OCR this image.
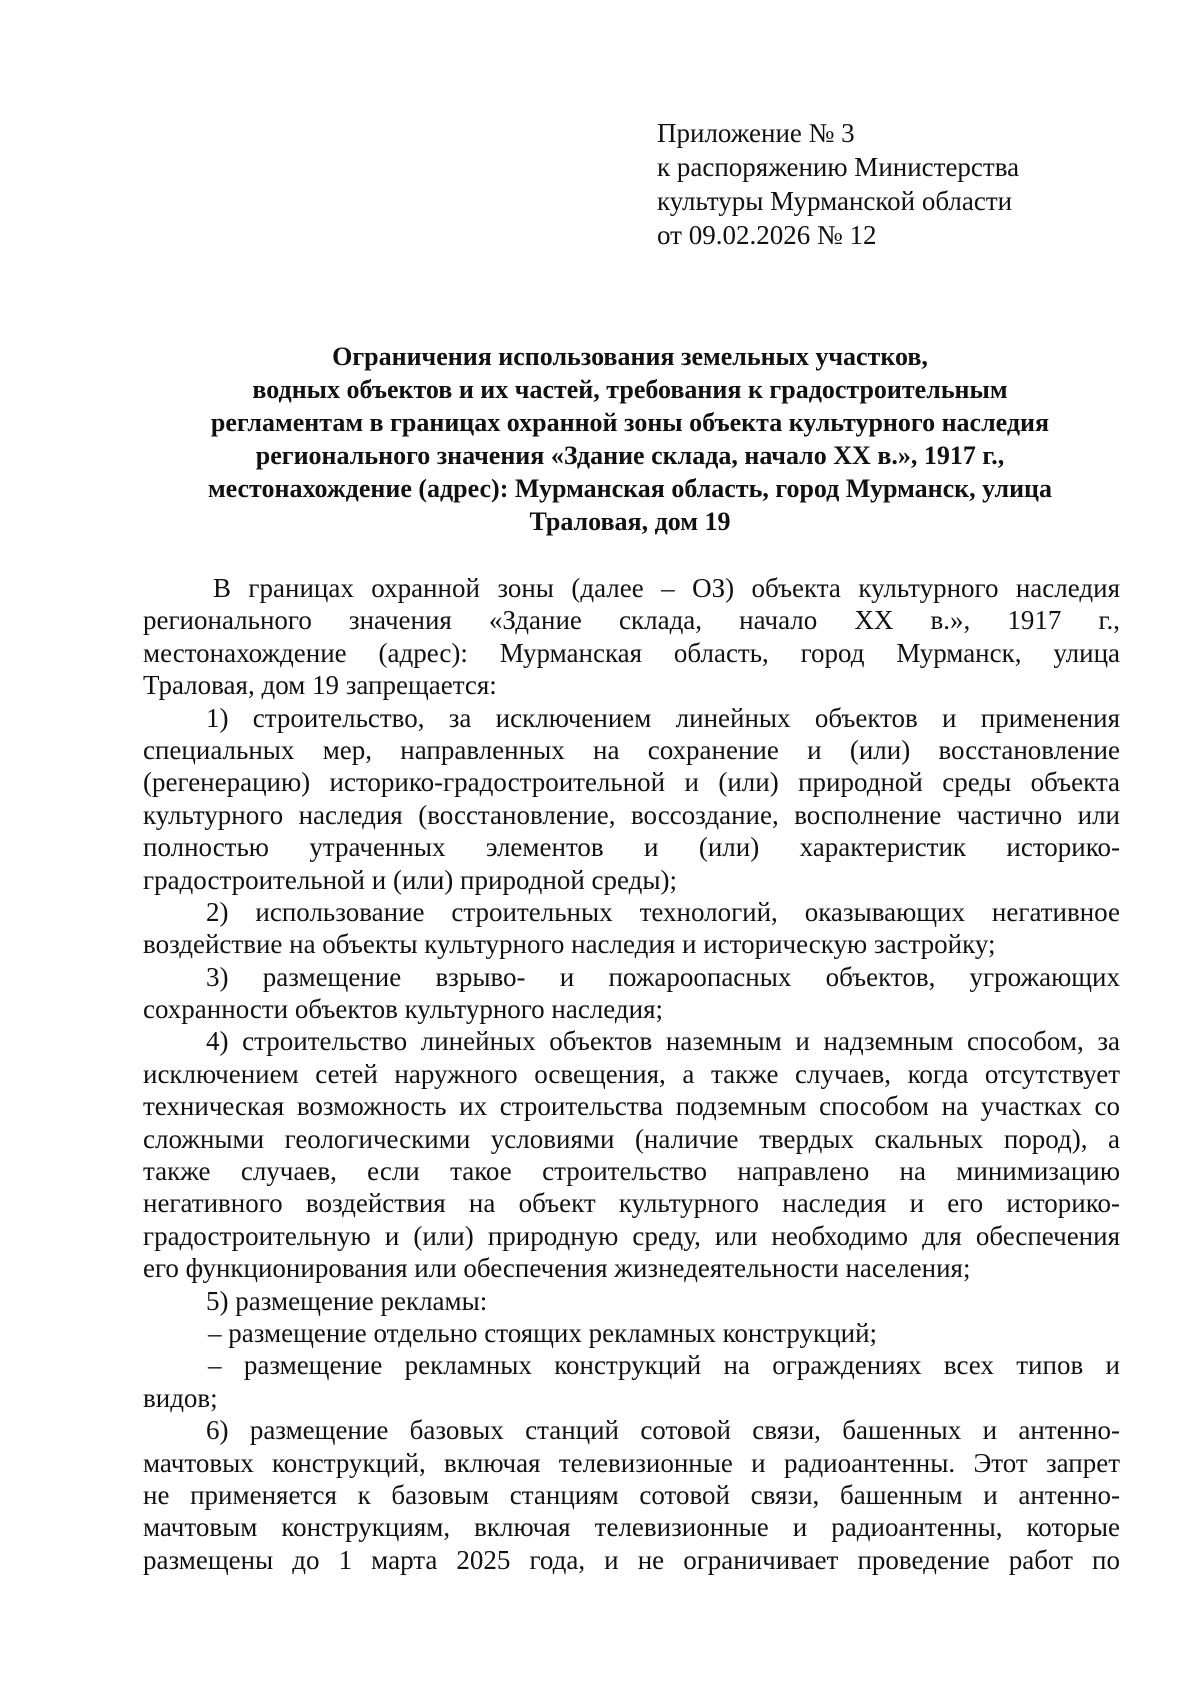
Приложение № 3
к распоряжению Министерства
культуры Мурманской области
от 09.02.2026 № 12
Ограничения использования земельных участков,
водных объектов и их частей, требования к градостроительным
регламентам в границах охранной зоны объекта культурного наследия
регионального значения «Здание склада, начало XX в.», 1917 г.,
местонахождение (адрес): Мурманская область, город Мурманск, улица
Траловая, дом 19
В границах охранной зоны (далее – ОЗ) объекта культурного наследия
регионального значения «Здание склада, начало XX в.», 1917 г.,
местонахождение (адрес): Мурманская область, город Мурманск, улица
Траловая, дом 19 запрещается:
1) строительство, за исключением линейных объектов и применения
специальных мер, направленных на сохранение и (или) восстановление
(регенерацию) историко-градостроительной и (или) природной среды объекта
культурного наследия (восстановление, воссоздание, восполнение частично или
полностью утраченных элементов и (или) характеристик историко-
градостроительной и (или) природной среды);
2) использование строительных технологий, оказывающих негативное
воздействие на объекты культурного наследия и историческую застройку;
3) размещение взрыво- и пожароопасных объектов, угрожающих
сохранности объектов культурного наследия;
4) строительство линейных объектов наземным и надземным способом, за
исключением сетей наружного освещения, а также случаев, когда отсутствует
техническая возможность их строительства подземным способом на участках со
сложными геологическими условиями (наличие твердых скальных пород), а
также случаев, если такое строительство направлено на минимизацию
негативного воздействия на объект культурного наследия и его историко-
градостроительную и (или) природную среду, или необходимо для обеспечения
его функционирования или обеспечения жизнедеятельности населения;
5) размещение рекламы:
– размещение отдельно стоящих рекламных конструкций;
– размещение рекламных конструкций на ограждениях всех типов и
видов;
6) размещение базовых станций сотовой связи, башенных и антенно-
мачтовых конструкций, включая телевизионные и радиоантенны. Этот запрет
не применяется к базовым станциям сотовой связи, башенным и антенно-
мачтовым конструкциям, включая телевизионные и радиоантенны, которые
размещены до 1 марта 2025 года, и не ограничивает проведение работ по
